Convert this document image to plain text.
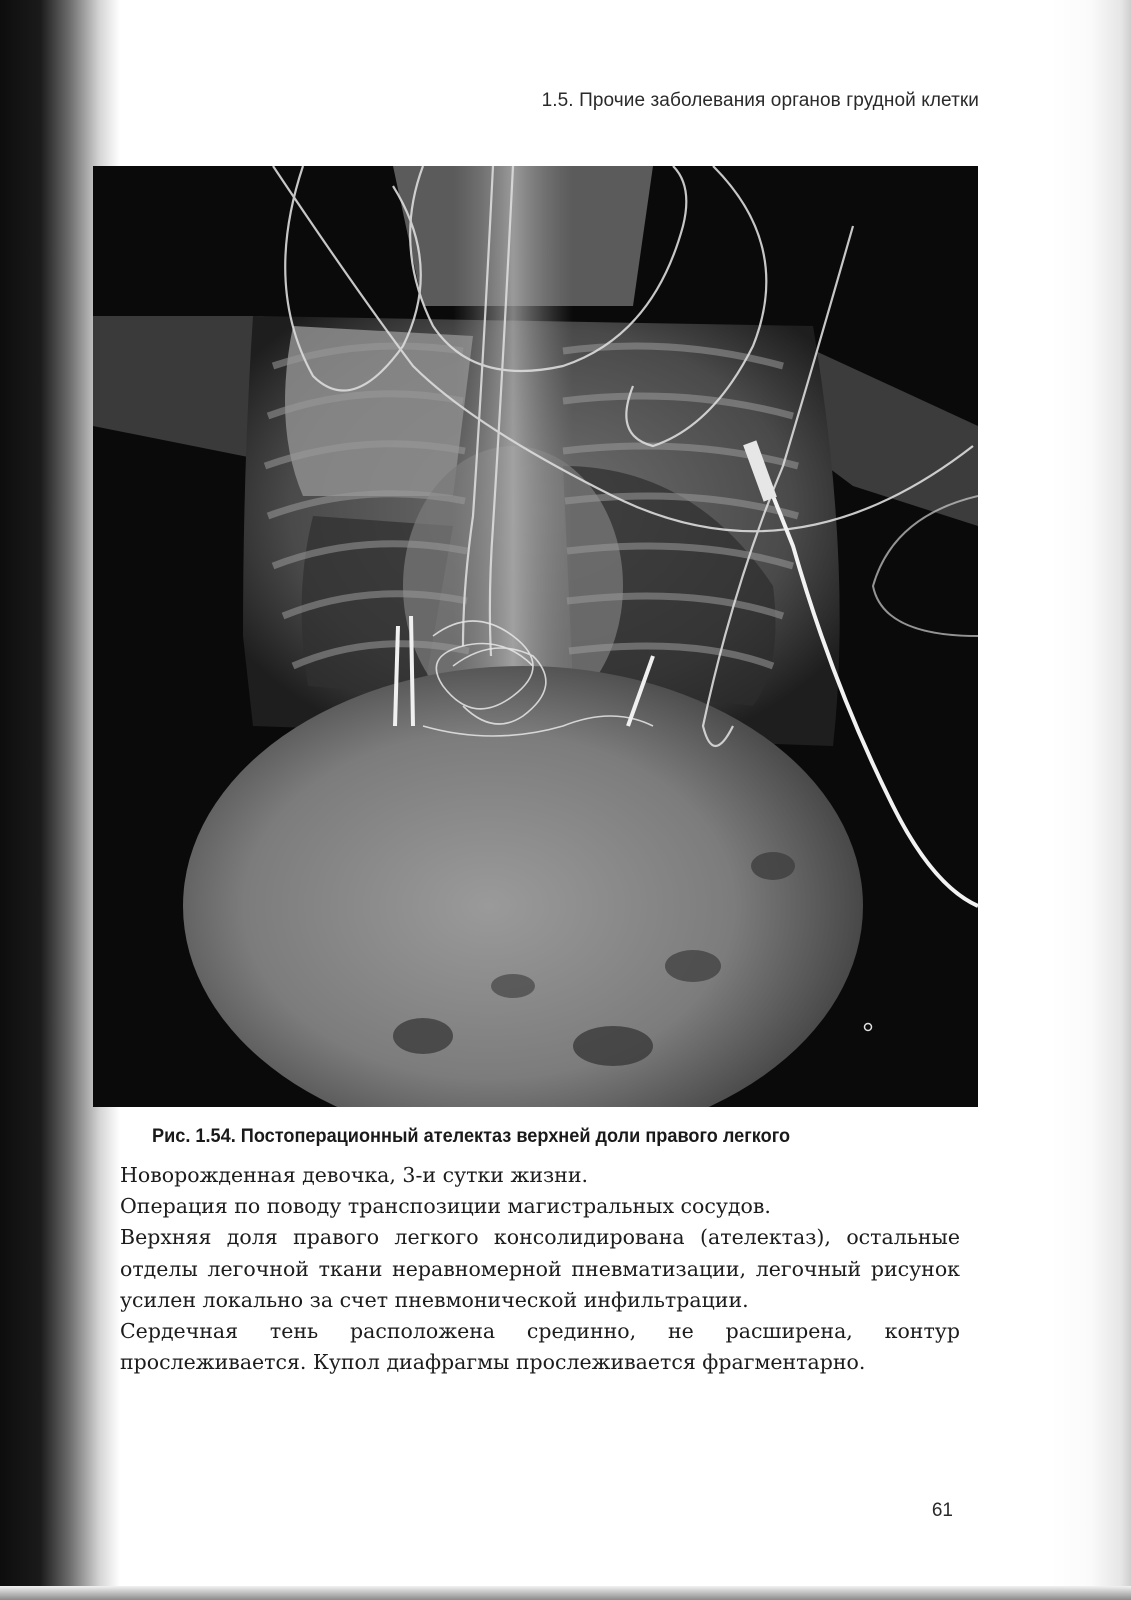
1.5. Прочие заболевания органов грудной клетки
Рис. 1.54. Постоперационный ателектаз верхней доли правого легкого

Новорожденная девочка, 3-и сутки жизни.

Операция по поводу транспозиции магистральных сосудов.

Верхняя доля правого легкого консолидирована (ателектаз), остальные отделы легочной ткани неравномерной пневматизации, легочный рисунок усилен локально за счет пневмонической инфильтрации.

Сердечная тень расположена срединно, не расширена, контур прослеживается. Купол диафрагмы прослеживается фрагментарно.

61
